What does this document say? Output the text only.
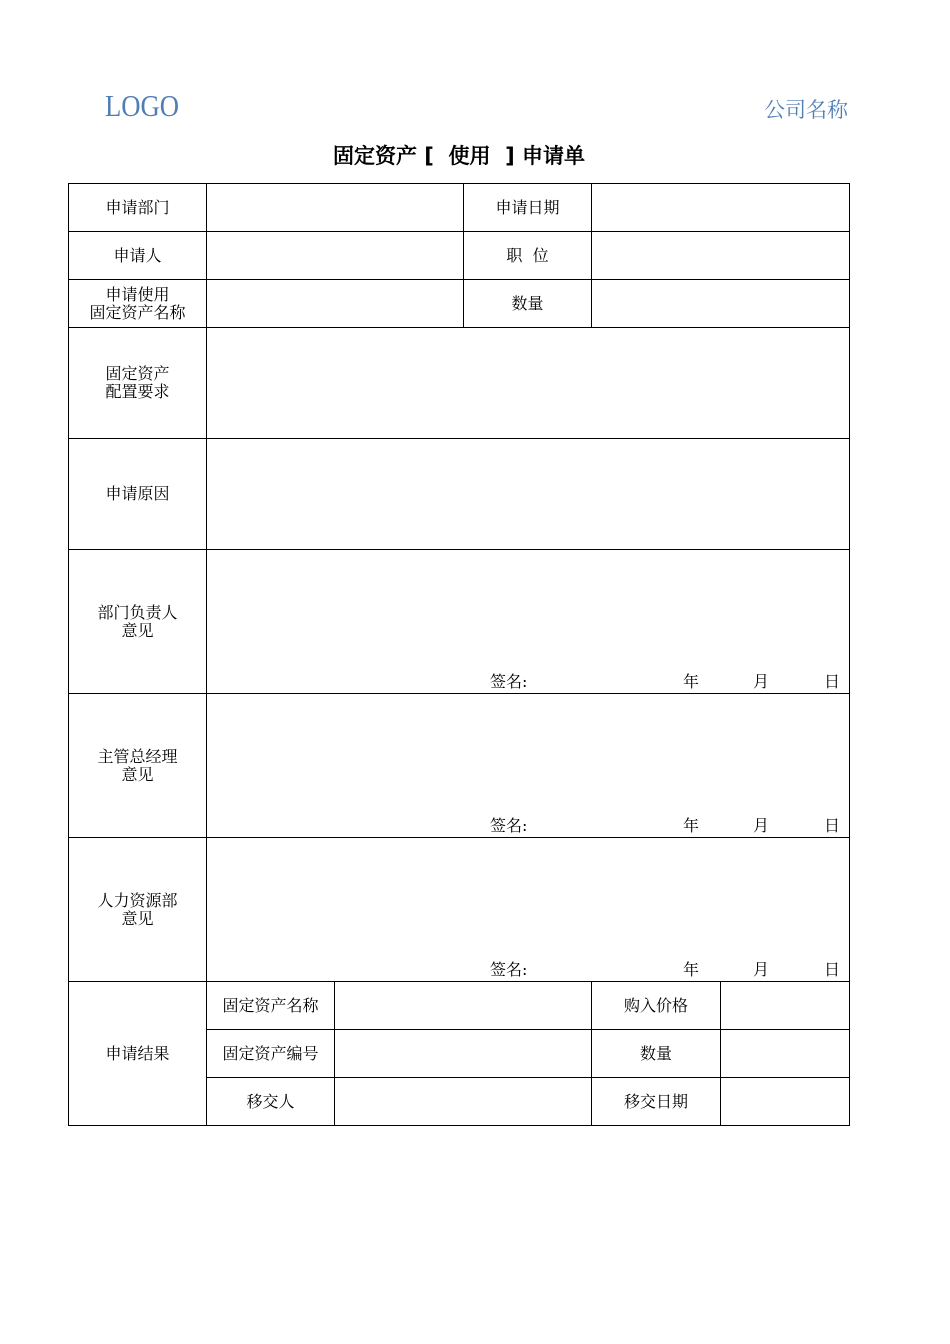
LOGO	公司名称
固定资产 [  使用  ] 申请单
申请部门			申请日期		
申请人			职  位		
申请使用
固定资产名称			数量		
固定资产
配置要求					
申请原因					
部门负责人
意见	签名: 年 月 日				

主管总经理
意见	签名: 年 月 日				

人力资源部
意见	签名: 年 月 日				

申请结果	固定资产名称			购入价格	
	固定资产编号			数量	
	移交人			移交日期	
